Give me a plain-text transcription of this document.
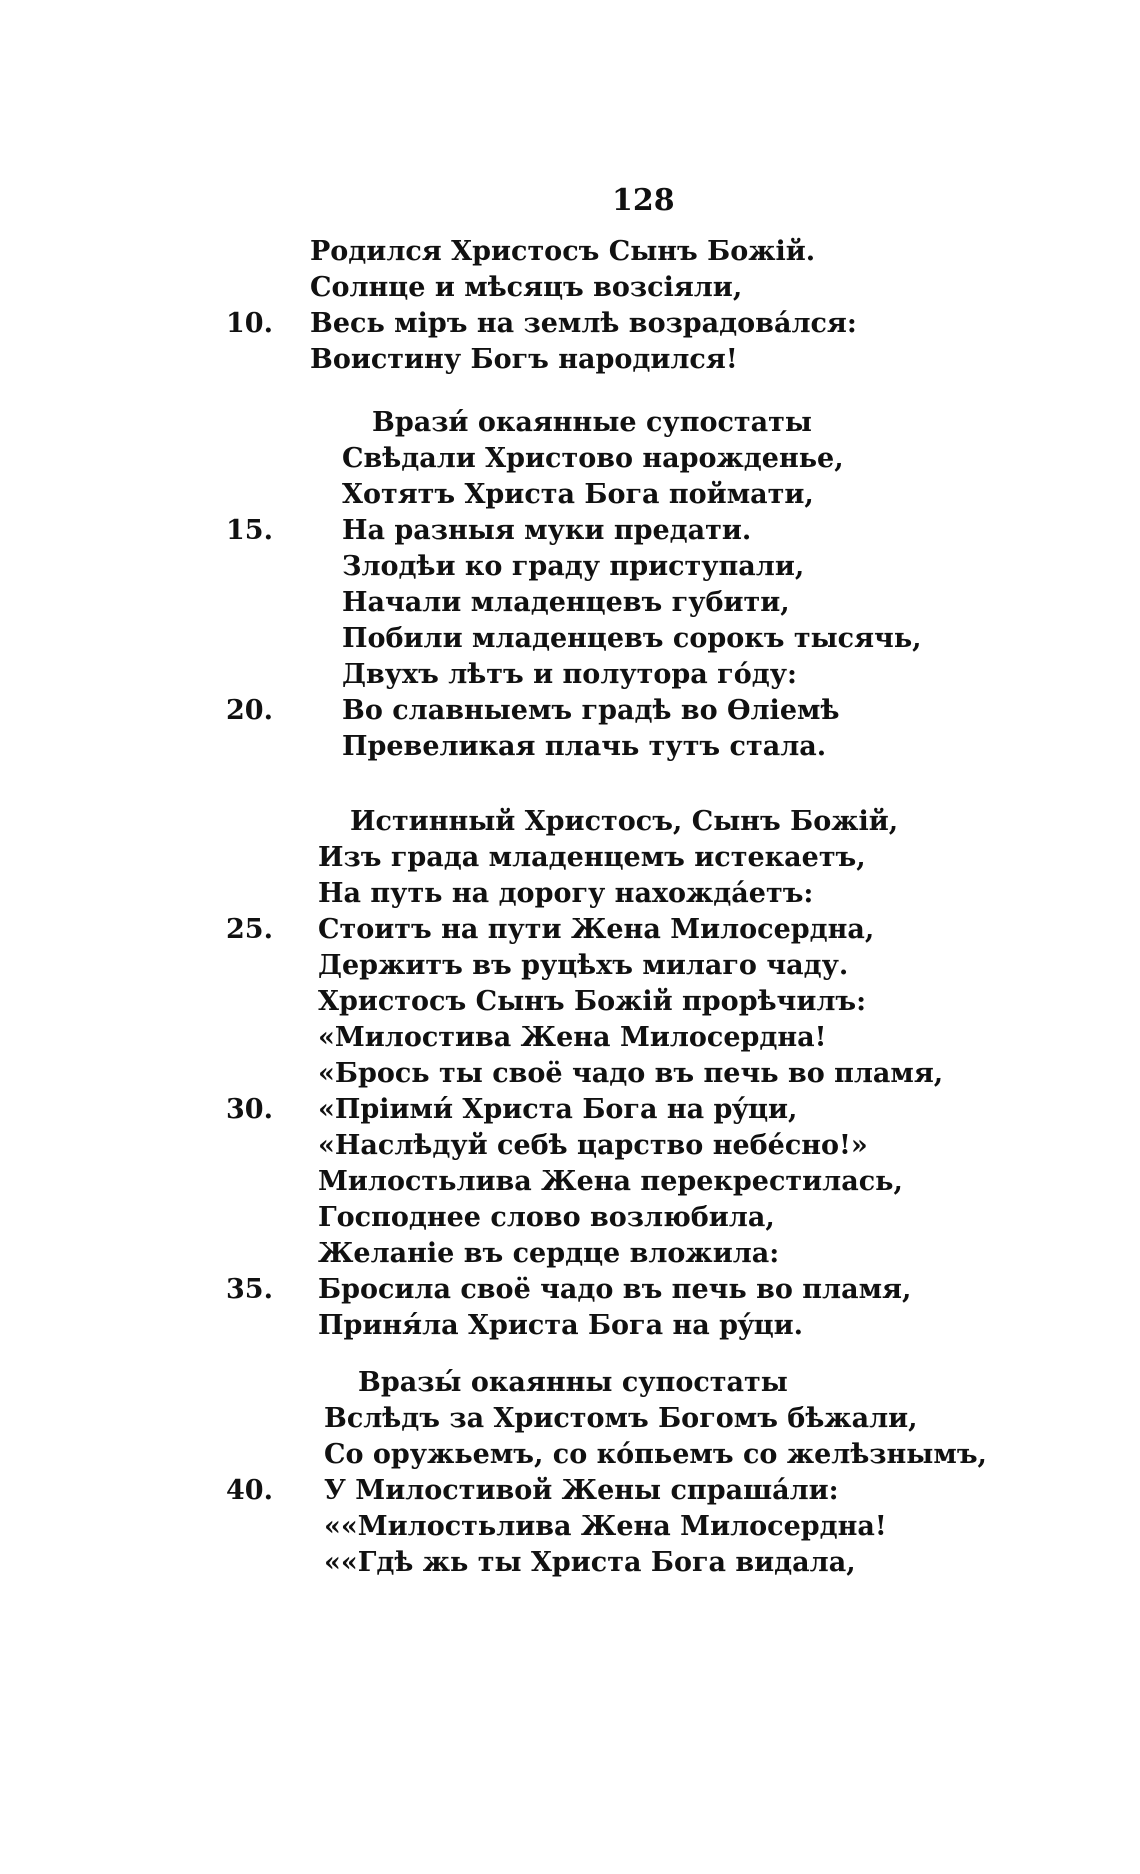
128
Родился Христосъ Сынъ Божій.
Солнце и мѣсяцъ возсіяли,
10.	Весь міръ на землѣ возрадовáлся:
Воистину Богъ народился!
Врази́ окаянные супостаты
Свѣдали Христово нарожденье,
Хотятъ Христа Бога поймати,
15.	На разныя муки предати.
Злодѣи ко граду приступали,
Начали младенцевъ губити,
Побили младенцевъ сорокъ тысячь,
Двухъ лѣтъ и полутора гóду:
20.	Во славныемъ градѣ во Ѳліемѣ
Превеликая плачь тутъ стала.
Истинный Христосъ, Сынъ Божій,
Изъ града младенцемъ истекаетъ,
На путь на дорогу нахождáетъ:
25.	Стоитъ на пути Жена Милосердна,
Держитъ въ руцѣхъ милаго чаду.
Христосъ Сынъ Божій прорѣчилъ:
«Милостива Жена Милосердна!
«Брось ты своё чадо въ печь во пламя,
30.	«Пріими́ Христа Бога на рýци,
«Наслѣдуй себѣ царство небéсно!»
Милостьлива Жена перекрестилась,
Господнее слово возлюбила,
Желаніе въ сердце вложила:
35.	Бросила своё чадо въ печь во пламя,
Приня́ла Христа Бога на рýци.
Вразы́ окаянны супостаты
Вслѣдъ за Христомъ Богомъ бѣжали,
Со оружьемъ, со кóпьемъ со желѣзнымъ,
40.	У Милостивой Жены спрашáли:
««Милостьлива Жена Милосердна!
««Гдѣ жь ты Христа Бога видала,
